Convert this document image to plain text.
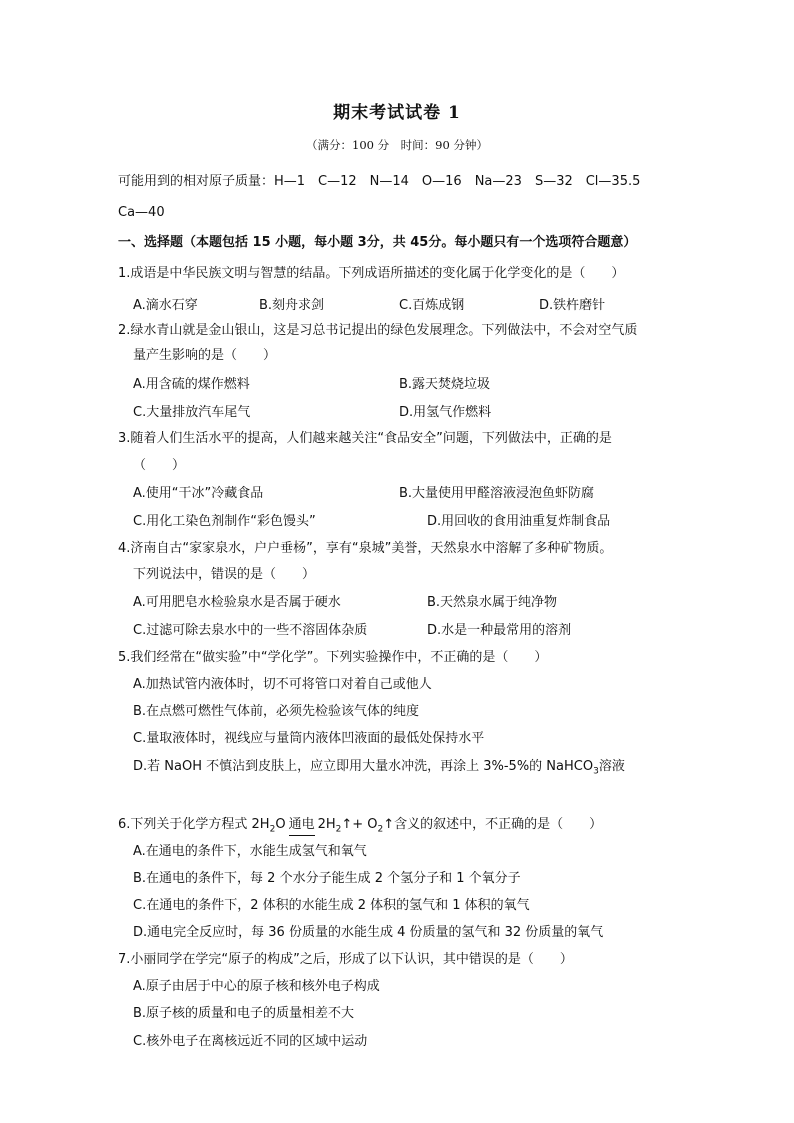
期末考试试卷 1
（满分：100 分　时间：90 分钟）
可能用到的相对原子质量：H—1　C—12　N—14　O—16　Na—23　S—32　Cl—35.5
Ca—40
一、选择题（本题包括 15 小题，每小题 3分，共 45分。每小题只有一个选项符合题意）
1.成语是中华民族文明与智慧的结晶。下列成语所描述的变化属于化学变化的是（　　）
A.滴水石穿	B.刻舟求剑	C.百炼成钢	D.铁杵磨针
2.绿水青山就是金山银山，这是习总书记提出的绿色发展理念。下列做法中，不会对空气质
量产生影响的是（　　）
A.用含硫的煤作燃料	B.露天焚烧垃圾
C.大量排放汽车尾气	D.用氢气作燃料
3.随着人们生活水平的提高，人们越来越关注“食品安全”问题，下列做法中，正确的是
（　　）
A.使用“干冰”冷藏食品	B.大量使用甲醛溶液浸泡鱼虾防腐
C.用化工染色剂制作“彩色馒头”	D.用回收的食用油重复炸制食品
4.济南自古“家家泉水，户户垂杨”，享有“泉城”美誉，天然泉水中溶解了多种矿物质。
下列说法中，错误的是（　　）
A.可用肥皂水检验泉水是否属于硬水	B.天然泉水属于纯净物
C.过滤可除去泉水中的一些不溶固体杂质	D.水是一种最常用的溶剂
5.我们经常在“做实验”中“学化学”。下列实验操作中，不正确的是（　　）
A.加热试管内液体时，切不可将管口对着自己或他人
B.在点燃可燃性气体前，必须先检验该气体的纯度
C.量取液体时，视线应与量筒内液体凹液面的最低处保持水平
D.若 NaOH 不慎沾到皮肤上，应立即用大量水冲洗，再涂上 3%-5%的 NaHCO$_3$溶液
6.下列关于化学方程式 $2H_2O$ 通电 $2H_2↑+$ $O_2↑$含义的叙述中，不正确的是（　　）
A.在通电的条件下，水能生成氢气和氧气
B.在通电的条件下，每 2 个水分子能生成 2 个氢分子和 1 个氧分子
C.在通电的条件下，2 体积的水能生成 2 体积的氢气和 1 体积的氧气
D.通电完全反应时，每 36 份质量的水能生成 4 份质量的氢气和 32 份质量的氧气
7.小丽同学在学完“原子的构成”之后，形成了以下认识，其中错误的是（　　）
A.原子由居于中心的原子核和核外电子构成
B.原子核的质量和电子的质量相差不大
C.核外电子在离核远近不同的区域中运动
